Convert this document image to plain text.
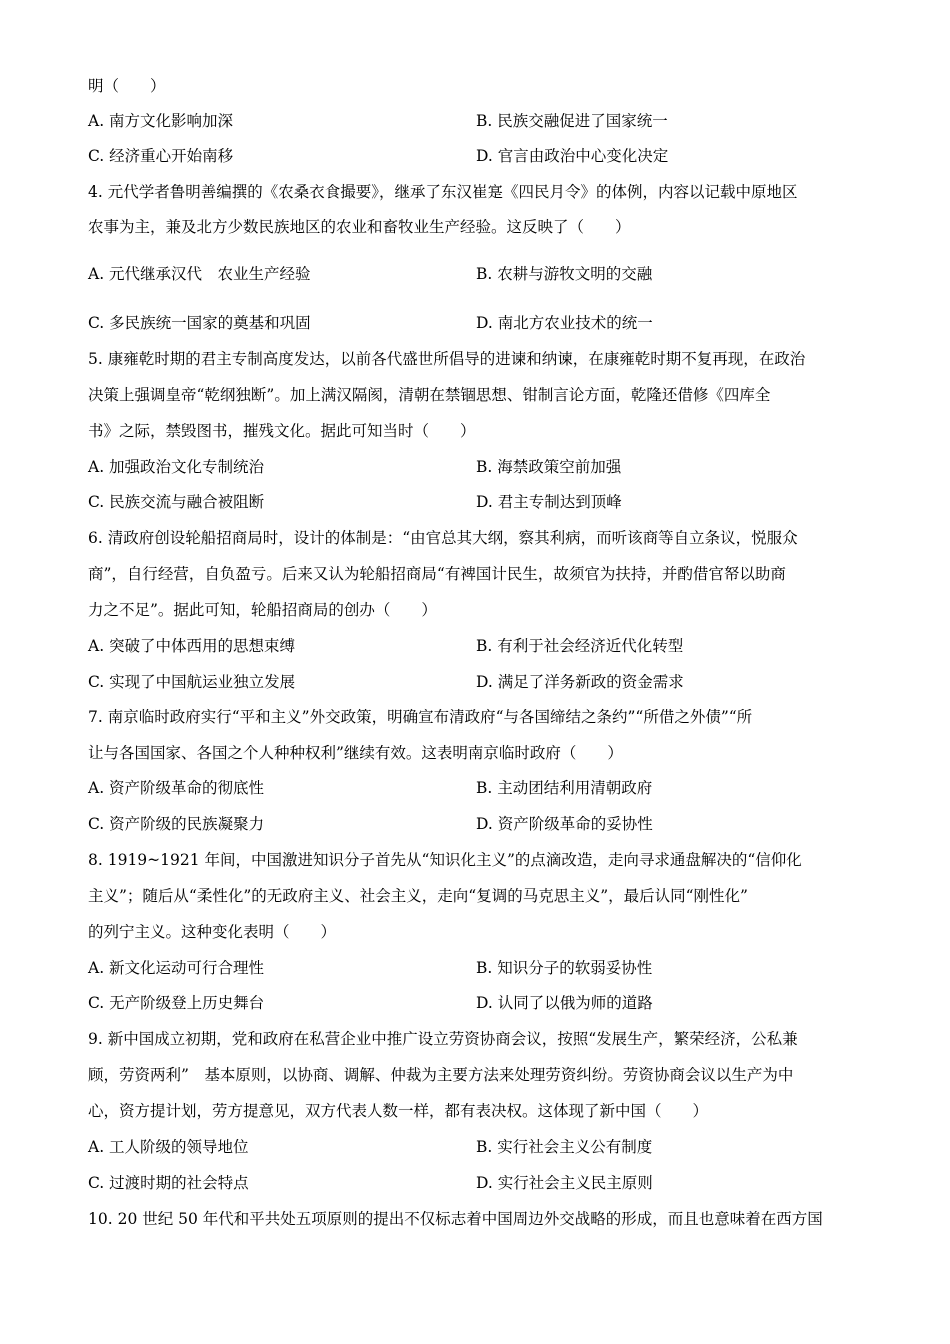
明（　　）
A. 南方文化影响加深	B. 民族交融促进了国家统一
C. 经济重心开始南移	D. 官言由政治中心变化决定
4. 元代学者鲁明善编撰的《农桑衣食撮要》，继承了东汉崔寔《四民月令》的体例，内容以记载中原地区
农事为主，兼及北方少数民族地区的农业和畜牧业生产经验。这反映了（　　）
A. 元代继承汉代　农业生产经验	B. 农耕与游牧文明的交融
C. 多民族统一国家的奠基和巩固	D. 南北方农业技术的统一
5. 康雍乾时期的君主专制高度发达，以前各代盛世所倡导的进谏和纳谏，在康雍乾时期不复再现，在政治
决策上强调皇帝“乾纲独断”。加上满汉隔阂，清朝在禁锢思想、钳制言论方面，乾隆还借修《四库全
书》之际，禁毁图书，摧残文化。据此可知当时（　　）
A. 加强政治文化专制统治	B. 海禁政策空前加强
C. 民族交流与融合被阻断	D. 君主专制达到顶峰
6. 清政府创设轮船招商局时，设计的体制是：“由官总其大纲，察其利病，而听该商等自立条议，悦服众
商”，自行经营，自负盈亏。后来又认为轮船招商局“有裨国计民生，故须官为扶持，并酌借官帑以助商
力之不足”。据此可知，轮船招商局的创办（　　）
A. 突破了中体西用的思想束缚	B. 有利于社会经济近代化转型
C. 实现了中国航运业独立发展	D. 满足了洋务新政的资金需求
7. 南京临时政府实行“平和主义”外交政策，明确宣布清政府“与各国缔结之条约”“所借之外债”“所
让与各国国家、各国之个人种种权利”继续有效。这表明南京临时政府（　　）
A. 资产阶级革命的彻底性	B. 主动团结利用清朝政府
C. 资产阶级的民族凝聚力	D. 资产阶级革命的妥协性
8. 1919~1921 年间，中国激进知识分子首先从“知识化主义”的点滴改造，走向寻求通盘解决的“信仰化
主义”；随后从“柔性化”的无政府主义、社会主义，走向“复调的马克思主义”，最后认同“刚性化”
的列宁主义。这种变化表明（　　）
A. 新文化运动可行合理性	B. 知识分子的软弱妥协性
C. 无产阶级登上历史舞台	D. 认同了以俄为师的道路
9. 新中国成立初期，党和政府在私营企业中推广设立劳资协商会议，按照“发展生产，繁荣经济，公私兼
顾，劳资两利”　基本原则，以协商、调解、仲裁为主要方法来处理劳资纠纷。劳资协商会议以生产为中
心，资方提计划，劳方提意见，双方代表人数一样，都有表决权。这体现了新中国（　　）
A. 工人阶级的领导地位	B. 实行社会主义公有制度
C. 过渡时期的社会特点	D. 实行社会主义民主原则
10. 20 世纪 50 年代和平共处五项原则的提出不仅标志着中国周边外交战略的形成，而且也意味着在西方国
